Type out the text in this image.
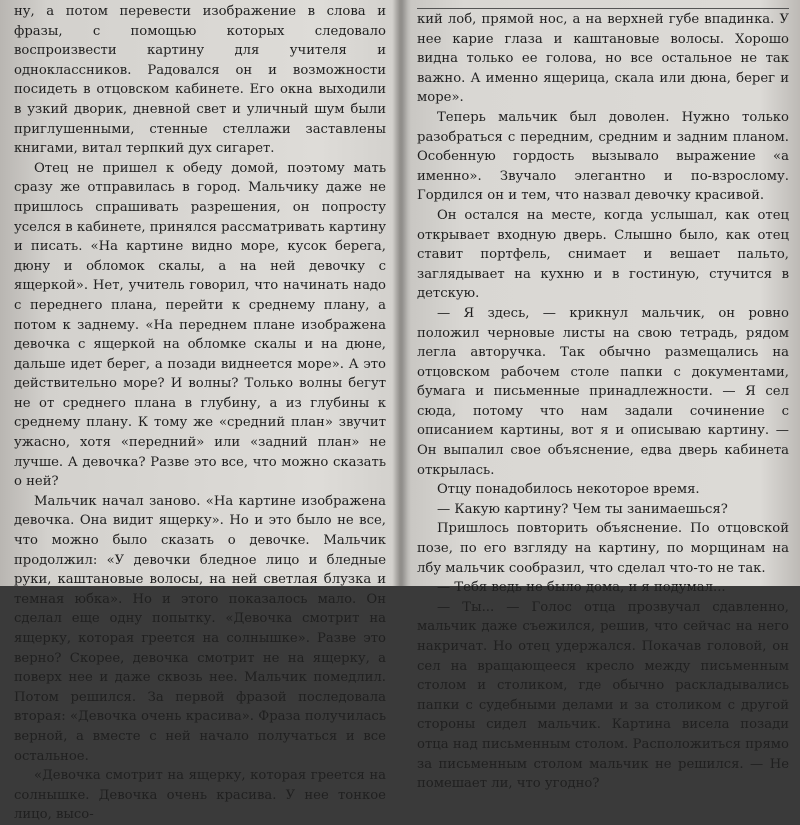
ну, а потом перевести изображение в слова и фразы, с помощью которых следовало воспроизвести картину для учителя и одноклассников. Радовался он и возможности посидеть в отцовском кабинете. Его окна выходили в узкий дворик, дневной свет и уличный шум были приглушенными, стенные стеллажи заставлены книгами, витал терпкий дух сигарет.

Отец не пришел к обеду домой, поэтому мать сразу же отправилась в город. Мальчику даже не пришлось спрашивать разрешения, он попросту уселся в кабинете, принялся рассматривать картину и писать. «На картине видно море, кусок берега, дюну и обломок скалы, а на ней девочку с ящеркой». Нет, учитель говорил, что начинать надо с переднего плана, перейти к среднему плану, а потом к заднему. «На переднем плане изображена девочка с ящеркой на обломке скалы и на дюне, дальше идет берег, а позади виднеется море». А это действительно море? И волны? Только волны бегут не от среднего плана в глубину, а из глубины к среднему плану. К тому же «средний план» звучит ужасно, хотя «передний» или «задний план» не лучше. А девочка? Разве это все, что можно сказать о ней?

Мальчик начал заново. «На картине изображена девочка. Она видит ящерку». Но и это было не все, что можно было сказать о девочке. Мальчик продолжил: «У девочки бледное лицо и бледные руки, каштановые волосы, на ней светлая блузка и темная юбка». Но и этого показалось мало. Он сделал еще одну попытку. «Девочка смотрит на ящерку, которая греется на солнышке». Разве это верно? Скорее, девочка смотрит не на ящерку, а поверх нее и даже сквозь нее. Мальчик помедлил. Потом решился. За первой фразой последовала вторая: «Девочка очень красива». Фраза получилась верной, а вместе с ней начало получаться и все остальное.

«Девочка смотрит на ящерку, которая греется на солнышке. Девочка очень красива. У нее тонкое лицо, высо-

кий лоб, прямой нос, а на верхней губе впадинка. У нее карие глаза и каштановые волосы. Хорошо видна только ее голова, но все остальное не так важно. А именно ящерица, скала или дюна, берег и море».

Теперь мальчик был доволен. Нужно только разобраться с передним, средним и задним планом. Особенную гордость вызывало выражение «а именно». Звучало элегантно и по-взрослому. Гордился он и тем, что назвал девочку красивой.

Он остался на месте, когда услышал, как отец открывает входную дверь. Слышно было, как отец ставит портфель, снимает и вешает пальто, заглядывает на кухню и в гостиную, стучится в детскую.

— Я здесь, — крикнул мальчик, он ровно положил черновые листы на свою тетрадь, рядом легла авторучка. Так обычно размещались на отцовском рабочем столе папки с документами, бумага и письменные принадлежности. — Я сел сюда, потому что нам задали сочинение с описанием картины, вот я и описываю картину. — Он выпалил свое объяснение, едва дверь кабинета открылась.

Отцу понадобилось некоторое время.

— Какую картину? Чем ты занимаешься?

Пришлось повторить объяснение. По отцовской позе, по его взгляду на картину, по морщинам на лбу мальчик сообразил, что сделал что-то не так.

— Тебя ведь не было дома, и я подумал...

— Ты... — Голос отца прозвучал сдавленно, мальчик даже съежился, решив, что сейчас на него накричат. Но отец удержался. Покачав головой, он сел на вращающееся кресло между письменным столом и столиком, где обычно раскладывались папки с судебными делами и за столиком с другой стороны сидел мальчик. Картина висела позади отца над письменным столом. Расположиться прямо за письменным столом мальчик не решился. — Не помешает ли, что угодно?
